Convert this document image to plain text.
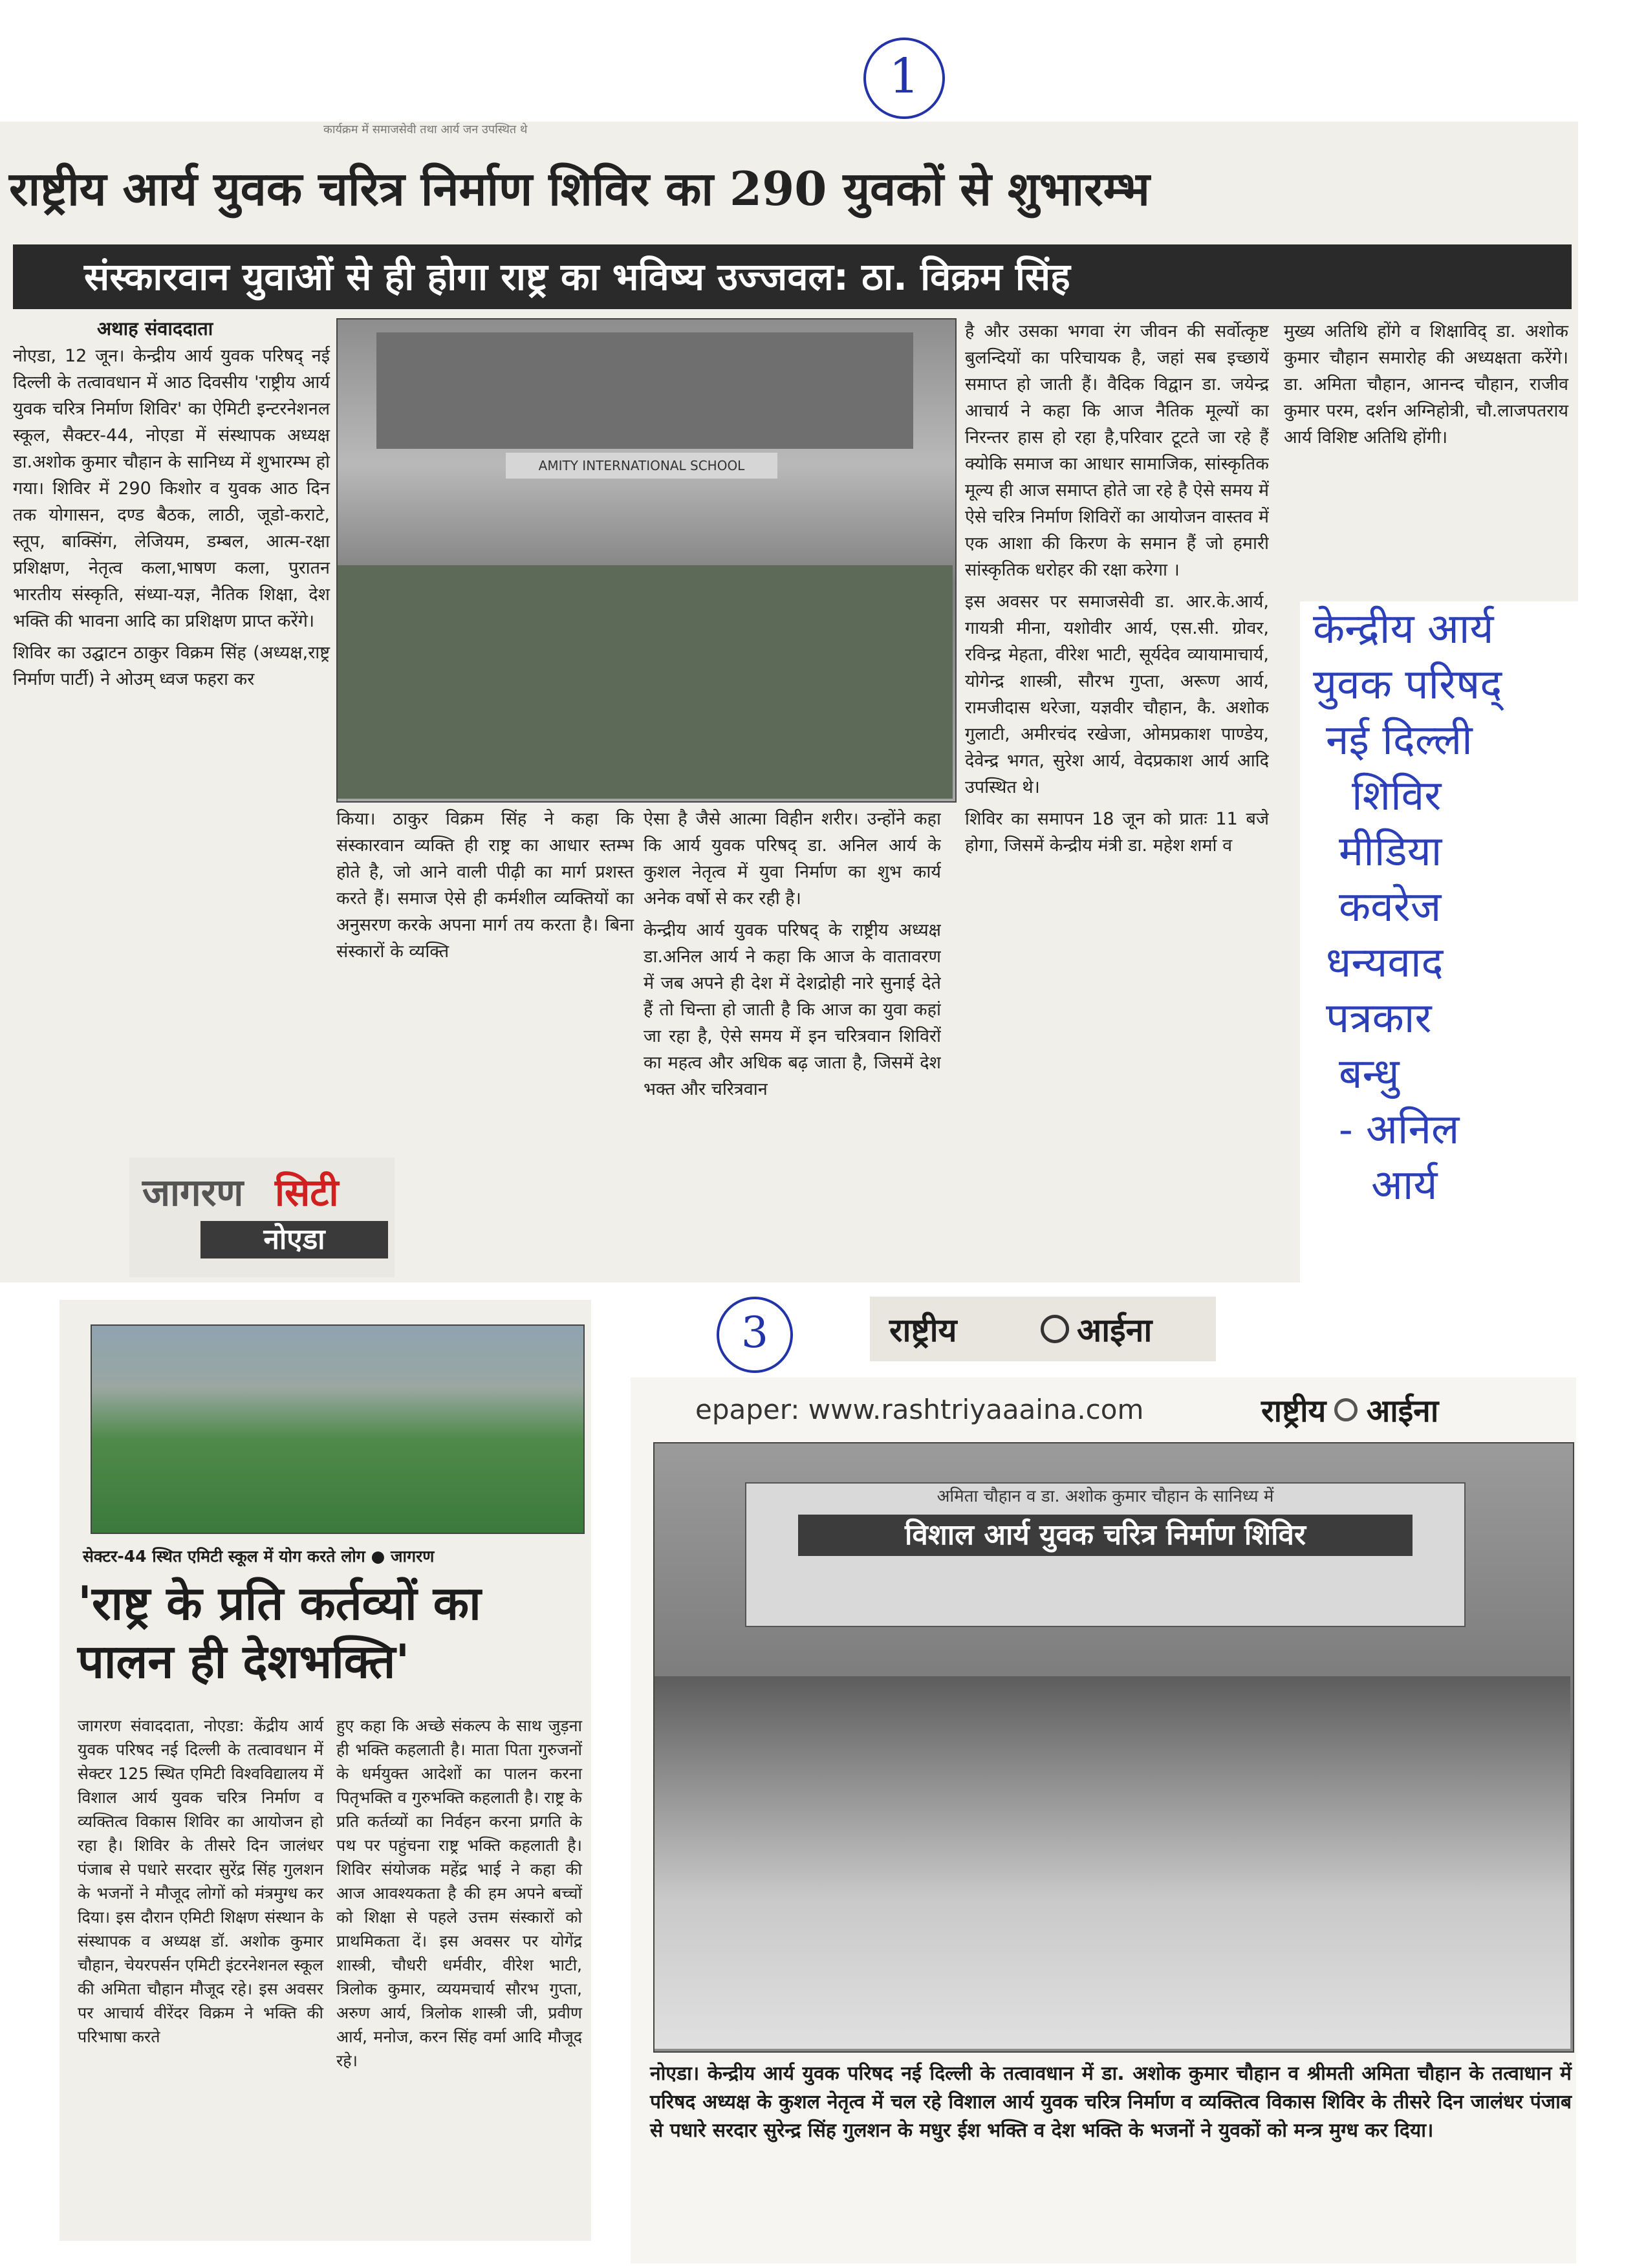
1
3
कार्यक्रम में समाजसेवी तथा आर्य जन उपस्थित थे
राष्ट्रीय आर्य युवक चरित्र निर्माण शिविर का 290 युवकों से शुभारम्भ
संस्कारवान युवाओं से ही होगा राष्ट्र का भविष्य उज्जवल: ठा. विक्रम सिंह
अथाह संवाददाता

नोएडा, 12 जून। केन्द्रीय आर्य युवक परिषद् नई दिल्ली के तत्वावधान में आठ दिवसीय 'राष्ट्रीय आर्य युवक चरित्र निर्माण शिविर' का ऐमिटी इन्टरनेशनल स्कूल, सैक्टर-44, नोएडा में संस्थापक अध्यक्ष डा.अशोक कुमार चौहान के सानिध्य में शुभारम्भ हो गया। शिविर में 290 किशोर व युवक आठ दिन तक योगासन, दण्ड बैठक, लाठी, जूडो-कराटे, स्तूप, बाक्सिंग, लेजियम, डम्बल, आत्म-रक्षा प्रशिक्षण, नेतृत्व कला,भाषण कला, पुरातन भारतीय संस्कृति, संध्या-यज्ञ, नैतिक शिक्षा, देश भक्ति की भावना आदि का प्रशिक्षण प्राप्त करेंगे।

शिविर का उद्घाटन ठाकुर विक्रम सिंह (अध्यक्ष,राष्ट्र निर्माण पार्टी) ने ओउम् ध्वज फहरा कर

AMITY INTERNATIONAL SCHOOL

किया। ठाकुर विक्रम सिंह ने कहा कि संस्कारवान व्यक्ति ही राष्ट्र का आधार स्तम्भ होते है, जो आने वाली पीढ़ी का मार्ग प्रशस्त करते हैं। समाज ऐसे ही कर्मशील व्यक्तियों का अनुसरण करके अपना मार्ग तय करता है। बिना संस्कारों के व्यक्ति

ऐसा है जैसे आत्मा विहीन शरीर। उन्होंने कहा कि आर्य युवक परिषद् डा. अनिल आर्य के कुशल नेतृत्व में युवा निर्माण का शुभ कार्य अनेक वर्षो से कर रही है।

केन्द्रीय आर्य युवक परिषद् के राष्ट्रीय अध्यक्ष डा.अनिल आर्य ने कहा कि आज के वातावरण में जब अपने ही देश में देशद्रोही नारे सुनाई देते हैं तो चिन्ता हो जाती है कि आज का युवा कहां जा रहा है, ऐसे समय में इन चरित्रवान शिविरों का महत्व और अधिक बढ़ जाता है, जिसमें देश भक्त और चरित्रवान

है और उसका भगवा रंग जीवन की सर्वोत्कृष्ट बुलन्दियों का परिचायक है, जहां सब इच्छायें समाप्त हो जाती हैं। वैदिक विद्वान डा. जयेन्द्र आचार्य ने कहा कि आज नैतिक मूल्यों का निरन्तर हास हो रहा है,परिवार टूटते जा रहे हैं क्योकि समाज का आधार सामाजिक, सांस्कृतिक मूल्य ही आज समाप्त होते जा रहे है ऐसे समय में ऐसे चरित्र निर्माण शिविरों का आयोजन वास्तव में एक आशा की किरण के समान हैं जो हमारी सांस्कृतिक धरोहर की रक्षा करेगा ।

इस अवसर पर समाजसेवी डा. आर.के.आर्य, गायत्री मीना, यशोवीर आर्य, एस.सी. ग्रोवर, रविन्द्र मेहता, वीरेश भाटी, सूर्यदेव व्यायामाचार्य, योगेन्द्र शास्त्री, सौरभ गुप्ता, अरूण आर्य, रामजीदास थरेजा, यज्ञवीर चौहान, कै. अशोक गुलाटी, अमीरचंद रखेजा, ओमप्रकाश पाण्डेय, देवेन्द्र भगत, सुरेश आर्य, वेदप्रकाश आर्य आदि उपस्थित थे।

शिविर का समापन 18 जून को प्रातः 11 बजे होगा, जिसमें केन्द्रीय मंत्री डा. महेश शर्मा व

मुख्य अतिथि होंगे व शिक्षाविद् डा. अशोक कुमार चौहान समारोह की अध्यक्षता करेंगे। डा. अमिता चौहान, आनन्द चौहान, राजीव कुमार परम, दर्शन अग्निहोत्री, चौ.लाजपतराय आर्य विशिष्ट अतिथि होंगी।

केन्द्रीय आर्य
युवक परिषद्
नई दिल्ली
शिविर
मीडिया
कवरेज
धन्यवाद
पत्रकार
बन्धु
- अनिल
आर्य
जागरण सिटी
नोएडा
सेक्टर-44 स्थित एमिटी स्कूल में योग करते लोग ● जागरण
'राष्ट्र के प्रति कर्तव्यों का पालन ही देशभक्ति'

जागरण संवाददाता, नोएडा: केंद्रीय आर्य युवक परिषद नई दिल्ली के तत्वावधान में सेक्टर 125 स्थित एमिटी विश्वविद्यालय में विशाल आर्य युवक चरित्र निर्माण व व्यक्तित्व विकास शिविर का आयोजन हो रहा है। शिविर के तीसरे दिन जालंधर पंजाब से पधारे सरदार सुरेंद्र सिंह गुलशन के भजनों ने मौजूद लोगों को मंत्रमुग्ध कर दिया। इस दौरान एमिटी शिक्षण संस्थान के संस्थापक व अध्यक्ष डॉ. अशोक कुमार चौहान, चेयरपर्सन एमिटी इंटरनेशनल स्कूल की अमिता चौहान मौजूद रहे। इस अवसर पर आचार्य वीरेंदर विक्रम ने भक्ति की परिभाषा करते

हुए कहा कि अच्छे संकल्प के साथ जुड़ना ही भक्ति कहलाती है। माता पिता गुरुजनों के धर्मयुक्त आदेशों का पालन करना पितृभक्ति व गुरुभक्ति कहलाती है। राष्ट्र के प्रति कर्तव्यों का निर्वहन करना प्रगति के पथ पर पहुंचना राष्ट्र भक्ति कहलाती है। शिविर संयोजक महेंद्र भाई ने कहा की आज आवश्यकता है की हम अपने बच्चों को शिक्षा से पहले उत्तम संस्कारों को प्राथमिकता दें। इस अवसर पर योगेंद्र शास्त्री, चौधरी धर्मवीर, वीरेश भाटी, त्रिलोक कुमार, व्ययमचार्य सौरभ गुप्ता, अरुण आर्य, त्रिलोक शास्त्री जी, प्रवीण आर्य, मनोज, करन सिंह वर्मा आदि मौजूद रहे।

राष्ट्रीय	आईना
epaper: www.rashtriyaaaina.com	राष्ट्रीय आईना
अमिता चौहान व डा. अशोक कुमार चौहान के सानिध्य में
विशाल आर्य युवक चरित्र निर्माण शिविर
नोएडा। केन्द्रीय आर्य युवक परिषद नई दिल्ली के तत्वावधान में डा. अशोक कुमार चौहान व श्रीमती अमिता चौहान के तत्वाधान में परिषद अध्यक्ष के कुशल नेतृत्व में चल रहे विशाल आर्य युवक चरित्र निर्माण व व्यक्तित्व विकास शिविर के तीसरे दिन जालंधर पंजाब से पधारे सरदार सुरेन्द्र सिंह गुलशन के मधुर ईश भक्ति व देश भक्ति के भजनों ने युवकों को मन्त्र मुग्ध कर दिया।
